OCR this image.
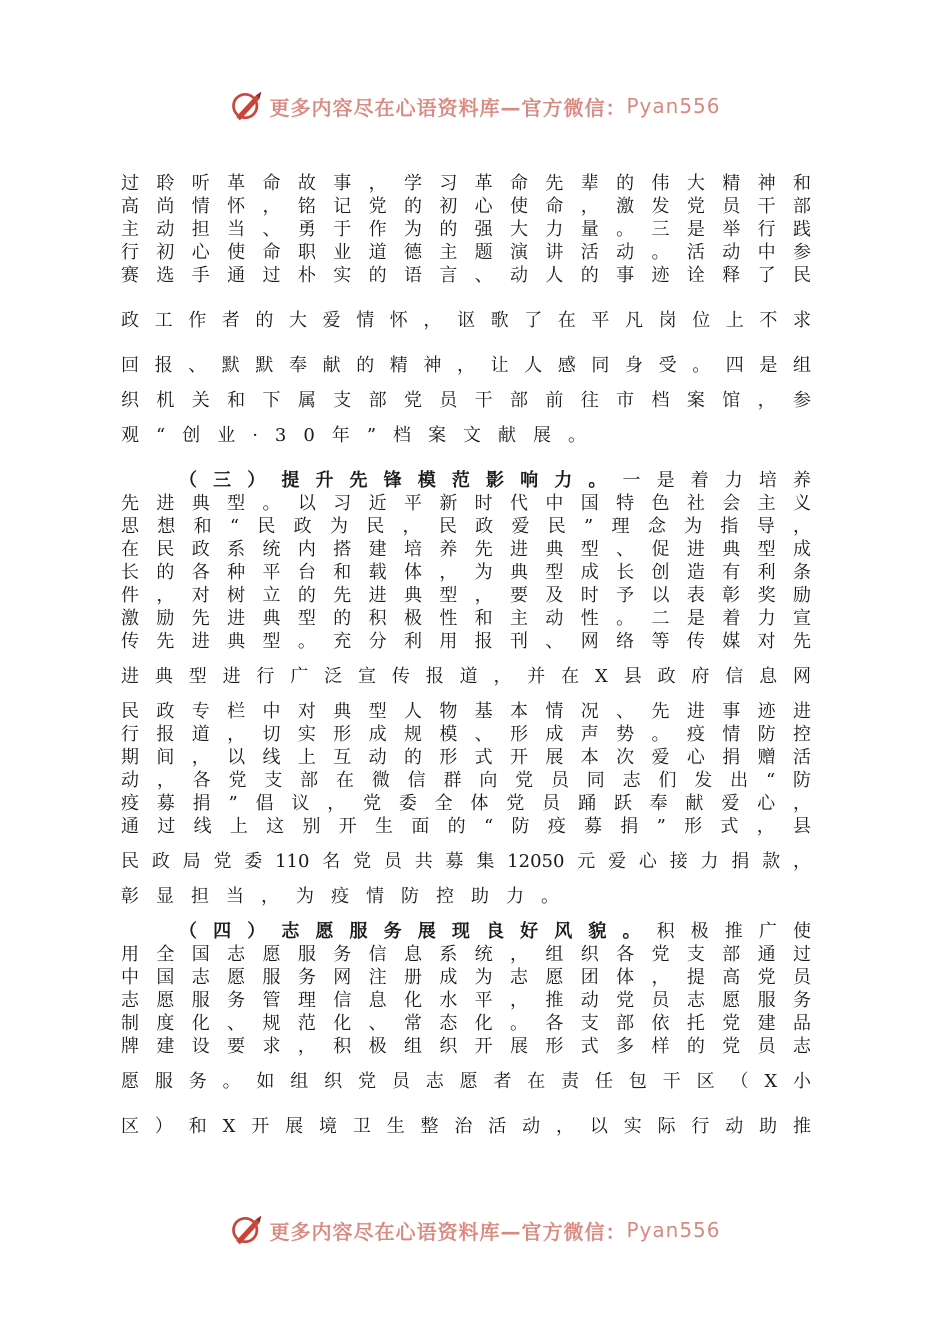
更多内容尽在心语资料库—官方微信： Pyan556
过聆听革命故事，学习革命先辈的伟大精神和
高尚情怀，铭记党的初心使命，激发党员干部
主动担当、勇于作为的强大力量。三是举行践
行初心使命职业道德主题演讲活动。活动中参
赛选手通过朴实的语言、动人的事迹诠释了民
政工作者的大爱情怀，讴歌了在平凡岗位上不求
回报、默默奉献的精神，让人感同身受。四是组
织机关和下属支部党员干部前往市档案馆，参
观“创业·30年”档案文献展。
（三）提升先锋模范影响力。一是着力培养
先进典型。以习近平新时代中国特色社会主义
思想和“民政为民，民政爱民”理念为指导，
在民政系统内搭建培养先进典型、促进典型成
长的各种平台和载体，为典型成长创造有利条
件，对树立的先进典型，要及时予以表彰奖励
激励先进典型的积极性和主动性。二是着力宣
传先进典型。充分利用报刊、网络等传媒对先
进典型进行广泛宣传报道，并在X县政府信息网
民政专栏中对典型人物基本情况、先进事迹进
行报道，切实形成规模、形成声势。疫情防控
期间，以线上互动的形式开展本次爱心捐赠活
动，各党支部在微信群向党员同志们发出“防
疫募捐”倡议，党委全体党员踊跃奉献爱心，
通过线上这别开生面的“防疫募捐”形式，县
民政局党委110名党员共募集12050元爱心接力捐款，
彰显担当，为疫情防控助力。
（四）志愿服务展现良好风貌。积极推广使
用全国志愿服务信息系统，组织各党支部通过
中国志愿服务网注册成为志愿团体，提高党员
志愿服务管理信息化水平，推动党员志愿服务
制度化、规范化、常态化。各支部依托党建品
牌建设要求，积极组织开展形式多样的党员志
愿服务。如组织党员志愿者在责任包干区（X小
区）和X开展境卫生整治活动，以实际行动助推
更多内容尽在心语资料库—官方微信： Pyan556
